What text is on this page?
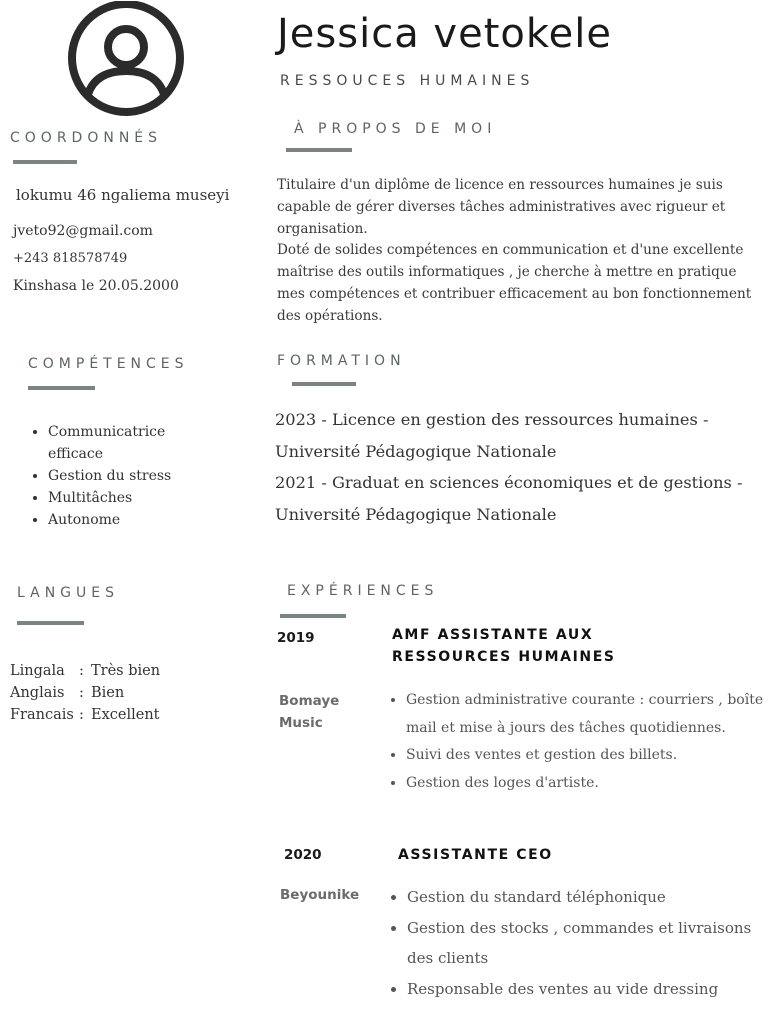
Jessica vetokele
RESSOUCES HUMAINES
COORDONNÉS
lokumu 46 ngaliema museyi
jveto92@gmail.com
+243 818578749
Kinshasa le 20.05.2000
COMPÉTENCES
• Communicatrice efficace
• Gestion du stress
• Multitâches
• Autonome
LANGUES
Lingala : Très bien
Anglais : Bien
Francais : Excellent
À PROPOS DE MOI

Titulaire d'un diplôme de licence en ressources humaines je suis capable de gérer diverses tâches administratives avec rigueur et organisation.

Doté de solides compétences en communication et d'une excellente maîtrise des outils informatiques , je cherche à mettre en pratique mes compétences et contribuer efficacement au bon fonctionnement des opérations.

FORMATION

2023 - Licence en gestion des ressources humaines - Université Pédagogique Nationale

2021 - Graduat en sciences économiques et de gestions - Université Pédagogique Nationale

EXPÉRIENCES
2019	AMF ASSISTANTE AUX RESSOURCES HUMAINES
Bomaye Music
• Gestion administrative courante : courriers , boîte mail et mise à jours des tâches quotidiennes.
• Suivi des ventes et gestion des billets.
• Gestion des loges d'artiste.
2020	ASSISTANTE CEO
Beyounike
•	Gestion du standard téléphonique
• Gestion des stocks , commandes et livraisons des clients
• Responsable des ventes au vide dressing
